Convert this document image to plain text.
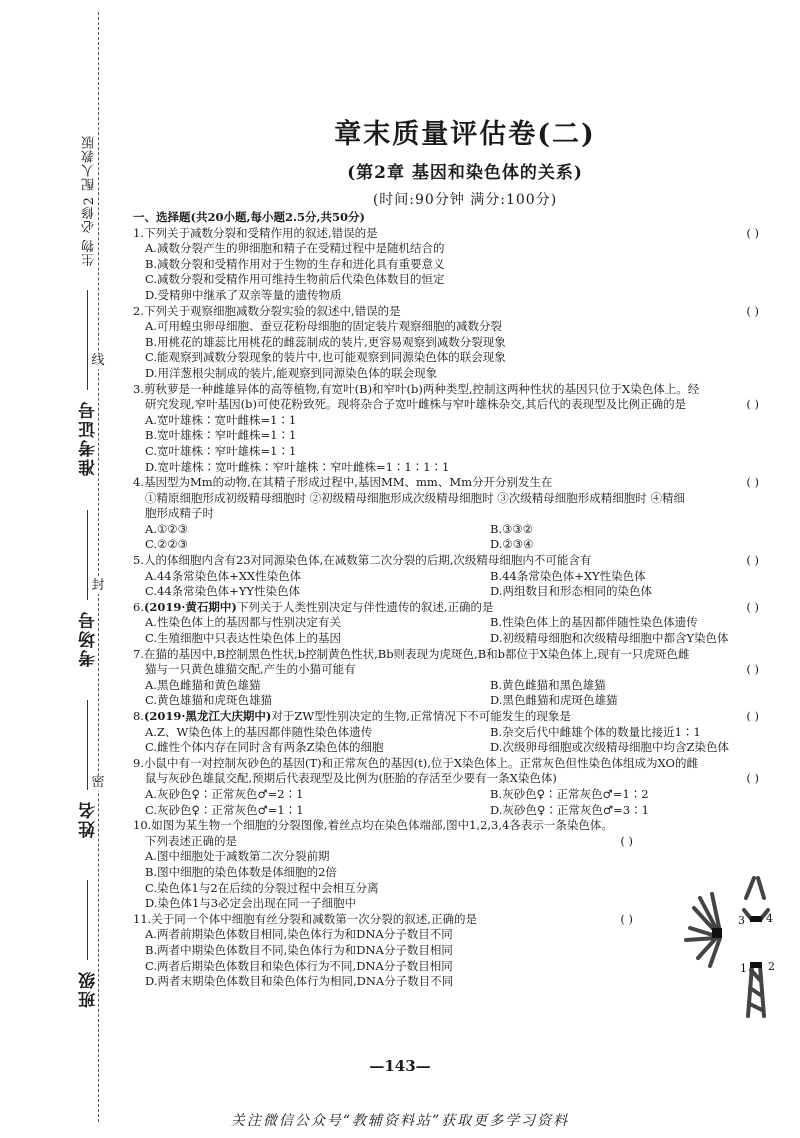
线
封
密
生物 必修2 配人教版
准考证号
考场号
姓名
班级
章末质量评估卷(二)
(第2章 基因和染色体的关系)
(时间:90分钟 满分:100分)
一、选择题(共20小题,每小题2.5分,共50分)
1.下列关于减数分裂和受精作用的叙述,错误的是	( )
A.减数分裂产生的卵细胞和精子在受精过程中是随机结合的
B.减数分裂和受精作用对于生物的生存和进化具有重要意义
C.减数分裂和受精作用可维持生物前后代染色体数目的恒定
D.受精卵中继承了双亲等量的遗传物质
2.下列关于观察细胞减数分裂实验的叙述中,错误的是	( )
A.可用蝗虫卵母细胞、蚕豆花粉母细胞的固定装片观察细胞的减数分裂
B.用桃花的雄蕊比用桃花的雌蕊制成的装片,更容易观察到减数分裂现象
C.能观察到减数分裂现象的装片中,也可能观察到同源染色体的联会现象
D.用洋葱根尖制成的装片,能观察到同源染色体的联会现象
3.剪秋萝是一种雌雄异体的高等植物,有宽叶(B)和窄叶(b)两种类型,控制这两种性状的基因只位于X染色体上。经
研究发现,窄叶基因(b)可使花粉致死。现将杂合子宽叶雌株与窄叶雄株杂交,其后代的表现型及比例正确的是	( )
A.宽叶雄株∶宽叶雌株=1∶1
B.宽叶雄株∶窄叶雌株=1∶1
C.宽叶雄株∶窄叶雄株=1∶1
D.宽叶雄株∶宽叶雌株∶窄叶雄株∶窄叶雌株=1∶1∶1∶1
4.基因型为Mm的动物,在其精子形成过程中,基因MM、mm、Mm分开分别发生在	( )
①精原细胞形成初级精母细胞时 ②初级精母细胞形成次级精母细胞时 ③次级精母细胞形成精细胞时 ④精细
胞形成精子时
A.①②③	B.③③②
C.②②③	D.②③④
5.人的体细胞内含有23对同源染色体,在减数第二次分裂的后期,次级精母细胞内不可能含有	( )
A.44条常染色体+XX性染色体	B.44条常染色体+XY性染色体
C.44条常染色体+YY性染色体	D.两组数目和形态相同的染色体
6.(2019·黄石期中)下列关于人类性别决定与伴性遗传的叙述,正确的是	( )
A.性染色体上的基因都与性别决定有关	B.性染色体上的基因都伴随性染色体遗传
C.生殖细胞中只表达性染色体上的基因	D.初级精母细胞和次级精母细胞中都含Y染色体
7.在猫的基因中,B控制黑色性状,b控制黄色性状,Bb则表现为虎斑色,B和b都位于X染色体上,现有一只虎斑色雌
猫与一只黄色雄猫交配,产生的小猫可能有	( )
A.黑色雌猫和黄色雄猫	B.黄色雌猫和黑色雄猫
C.黄色雄猫和虎斑色雄猫	D.黑色雌猫和虎斑色雄猫
8.(2019·黑龙江大庆期中)对于ZW型性别决定的生物,正常情况下不可能发生的现象是	( )
A.Z、W染色体上的基因都伴随性染色体遗传	B.杂交后代中雌雄个体的数量比接近1∶1
C.雌性个体内存在同时含有两条Z染色体的细胞	D.次级卵母细胞或次级精母细胞中均含Z染色体
9.小鼠中有一对控制灰砂色的基因(T)和正常灰色的基因(t),位于X染色体上。正常灰色但性染色体组成为XO的雌
鼠与灰砂色雄鼠交配,预期后代表现型及比例为(胚胎的存活至少要有一条X染色体)	( )
A.灰砂色♀∶正常灰色♂=2∶1	B.灰砂色♀∶正常灰色♂=1∶2
C.灰砂色♀∶正常灰色♂=1∶1	D.灰砂色♀∶正常灰色♂=3∶1
10.如图为某生物一个细胞的分裂图像,着丝点均在染色体端部,图中1,2,3,4各表示一条染色体。
下列表述正确的是	( )
A.图中细胞处于减数第二次分裂前期
B.图中细胞的染色体数是体细胞的2倍
C.染色体1与2在后续的分裂过程中会相互分离
D.染色体1与3必定会出现在同一子细胞中
11.关于同一个体中细胞有丝分裂和减数第一次分裂的叙述,正确的是	( )
A.两者前期染色体数目相同,染色体行为和DNA分子数目不同
B.两者中期染色体数目不同,染色体行为和DNA分子数目相同
C.两者后期染色体数目和染色体行为不同,DNA分子数目相同
D.两者末期染色体数目和染色体行为相同,DNA分子数目不同
3 4
1 2
—143—
关注微信公众号“教辅资料站”获取更多学习资料
